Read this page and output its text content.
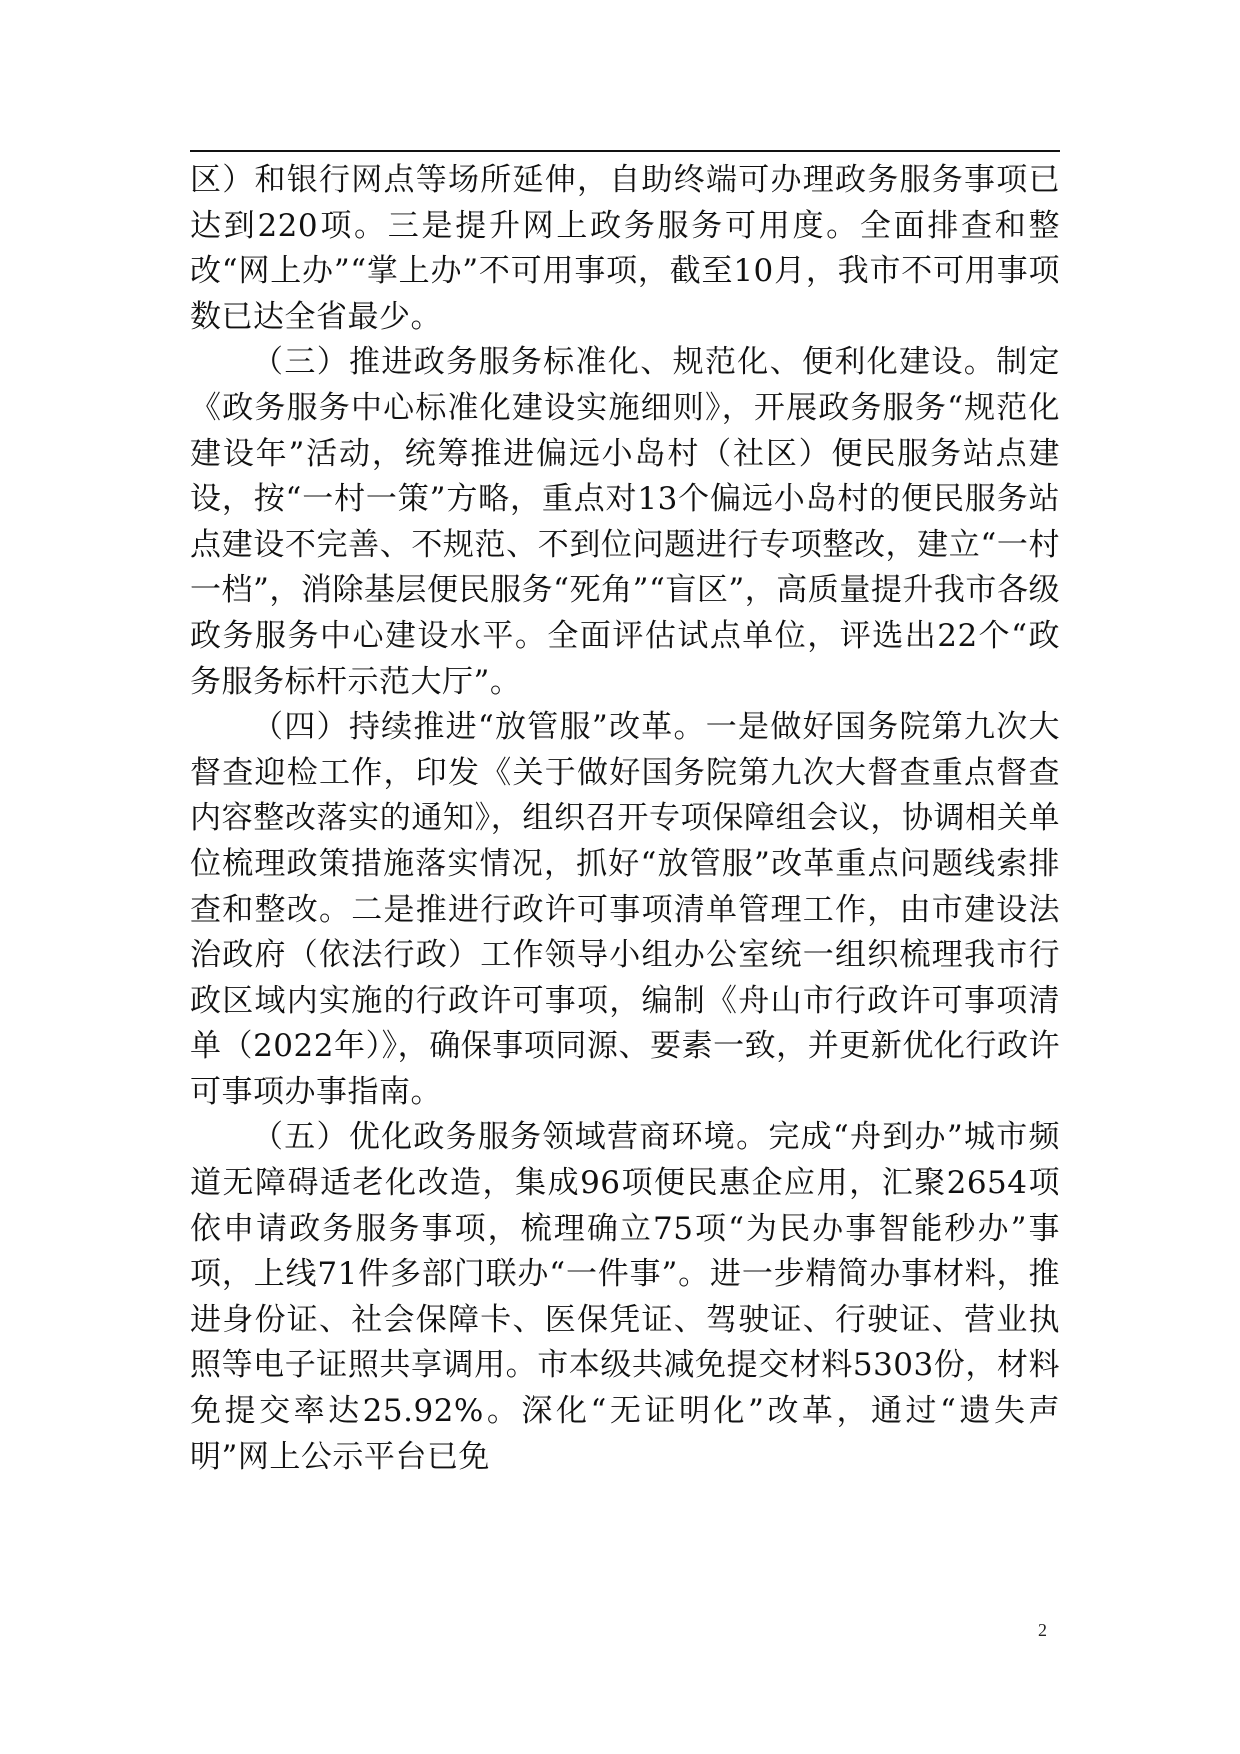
区）和银行网点等场所延伸，自助终端可办理政务服务事项已达到220项。三是提升网上政务服务可用度。全面排查和整改“网上办”“掌上办”不可用事项，截至10月，我市不可用事项数已达全省最少。

（三）推进政务服务标准化、规范化、便利化建设。制定《政务服务中心标准化建设实施细则》，开展政务服务“规范化建设年”活动，统筹推进偏远小岛村（社区）便民服务站点建设，按“一村一策”方略，重点对13个偏远小岛村的便民服务站点建设不完善、不规范、不到位问题进行专项整改，建立“一村一档”，消除基层便民服务“死角”“盲区”，高质量提升我市各级政务服务中心建设水平。全面评估试点单位，评选出22个“政务服务标杆示范大厅”。

（四）持续推进“放管服”改革。一是做好国务院第九次大督查迎检工作，印发《关于做好国务院第九次大督查重点督查内容整改落实的通知》，组织召开专项保障组会议，协调相关单位梳理政策措施落实情况，抓好“放管服”改革重点问题线索排查和整改。二是推进行政许可事项清单管理工作，由市建设法治政府（依法行政）工作领导小组办公室统一组织梳理我市行政区域内实施的行政许可事项，编制《舟山市行政许可事项清单（2022年）》，确保事项同源、要素一致，并更新优化行政许可事项办事指南。

（五）优化政务服务领域营商环境。完成“舟到办”城市频道无障碍适老化改造，集成96项便民惠企应用，汇聚2654项依申请政务服务事项，梳理确立75项“为民办事智能秒办”事项，上线71件多部门联办“一件事”。进一步精简办事材料，推进身份证、社会保障卡、医保凭证、驾驶证、行驶证、营业执照等电子证照共享调用。市本级共减免提交材料5303份，材料免提交率达25.92%。深化“无证明化”改革，通过“遗失声明”网上公示平台已免

2
